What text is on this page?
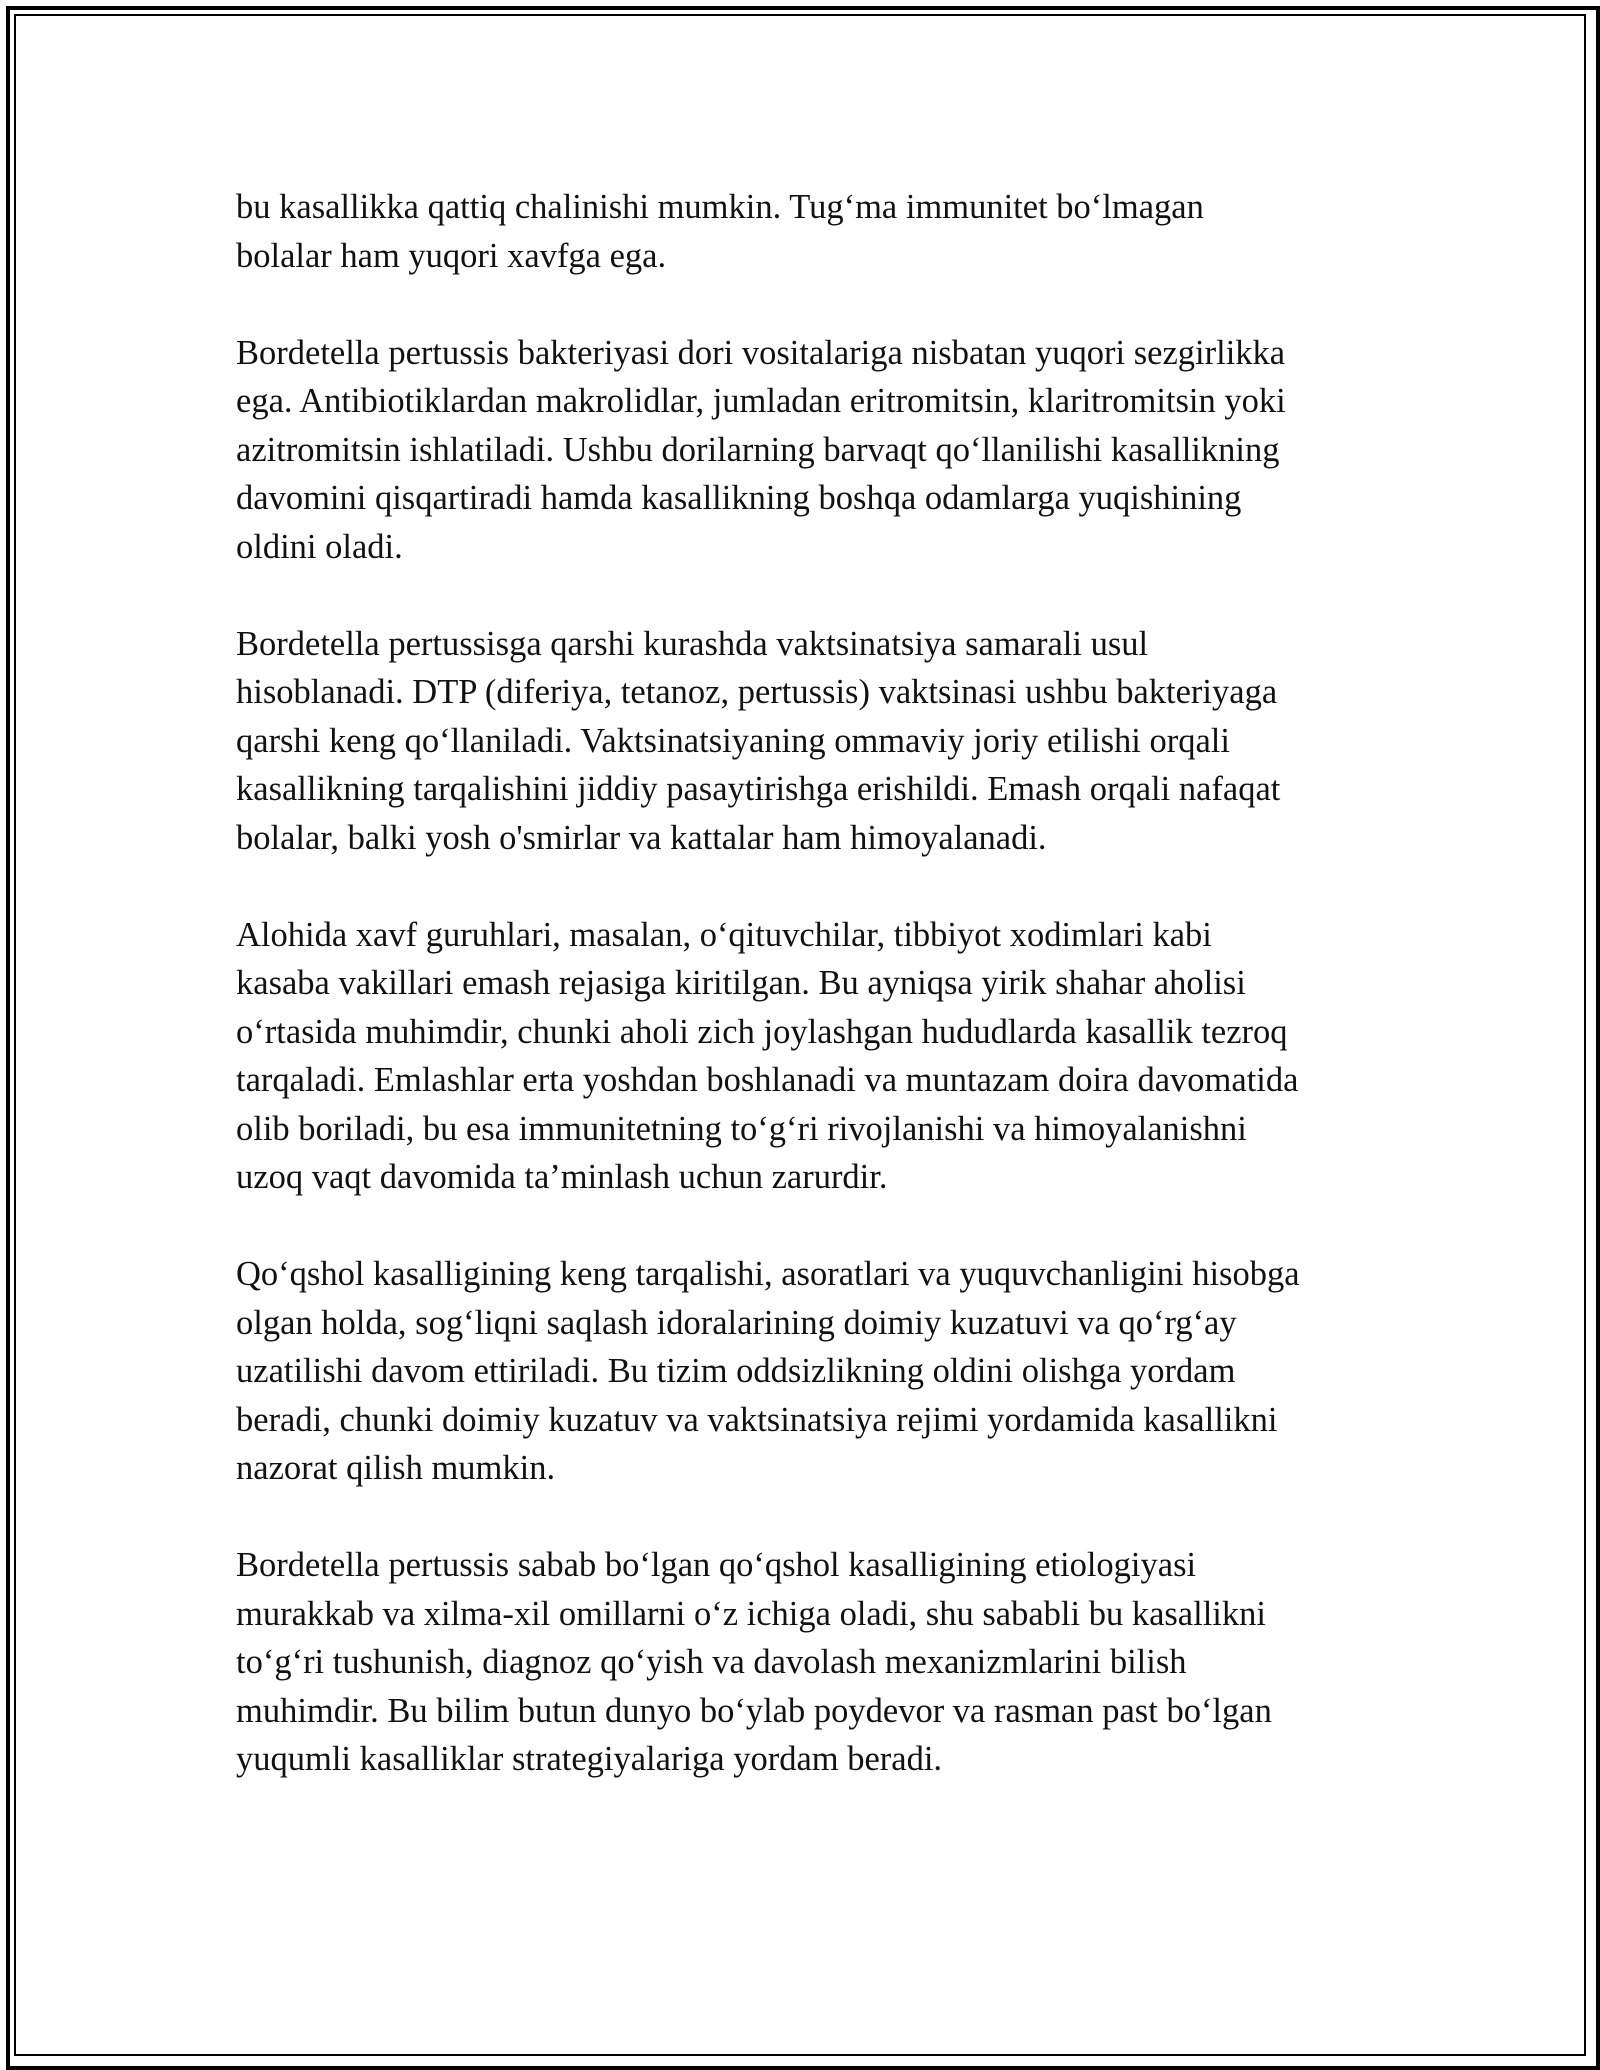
bu kasallikka qattiq chalinishi mumkin. Tug‘ma immunitet bo‘lmagan
bolalar ham yuqori xavfga ega.

Bordetella pertussis bakteriyasi dori vositalariga nisbatan yuqori sezgirlikka
ega. Antibiotiklardan makrolidlar, jumladan eritromitsin, klaritromitsin yoki
azitromitsin ishlatiladi. Ushbu dorilarning barvaqt qo‘llanilishi kasallikning
davomini qisqartiradi hamda kasallikning boshqa odamlarga yuqishining
oldini oladi.

Bordetella pertussisga qarshi kurashda vaktsinatsiya samarali usul
hisoblanadi. DTP (diferiya, tetanoz, pertussis) vaktsinasi ushbu bakteriyaga
qarshi keng qo‘llaniladi. Vaktsinatsiyaning ommaviy joriy etilishi orqali
kasallikning tarqalishini jiddiy pasaytirishga erishildi. Emash orqali nafaqat
bolalar, balki yosh o'smirlar va kattalar ham himoyalanadi.

Alohida xavf guruhlari, masalan, o‘qituvchilar, tibbiyot xodimlari kabi
kasaba vakillari emash rejasiga kiritilgan. Bu ayniqsa yirik shahar aholisi
o‘rtasida muhimdir, chunki aholi zich joylashgan hududlarda kasallik tezroq
tarqaladi. Emlashlar erta yoshdan boshlanadi va muntazam doira davomatida
olib boriladi, bu esa immunitetning to‘g‘ri rivojlanishi va himoyalanishni
uzoq vaqt davomida ta’minlash uchun zarurdir.

Qo‘qshol kasalligining keng tarqalishi, asoratlari va yuquvchanligini hisobga
olgan holda, sog‘liqni saqlash idoralarining doimiy kuzatuvi va qo‘rg‘ay
uzatilishi davom ettiriladi. Bu tizim oddsizlikning oldini olishga yordam
beradi, chunki doimiy kuzatuv va vaktsinatsiya rejimi yordamida kasallikni
nazorat qilish mumkin.

Bordetella pertussis sabab bo‘lgan qo‘qshol kasalligining etiologiyasi
murakkab va xilma-xil omillarni o‘z ichiga oladi, shu sababli bu kasallikni
to‘g‘ri tushunish, diagnoz qo‘yish va davolash mexanizmlarini bilish
muhimdir. Bu bilim butun dunyo bo‘ylab poydevor va rasman past bo‘lgan
yuqumli kasalliklar strategiyalariga yordam beradi.
